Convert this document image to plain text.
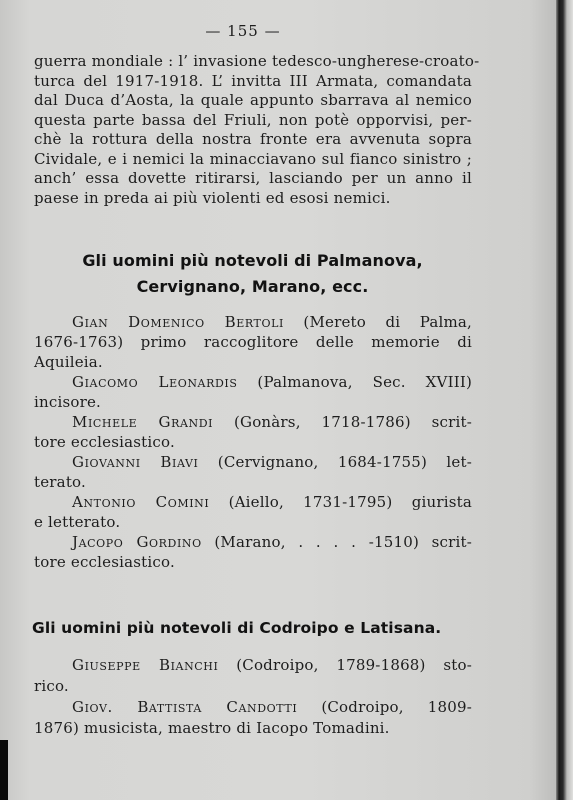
— 155 —
guerra mondiale : l’ invasione tedesco-ungherese-croato-
turca del 1917-1918. L’ invitta III Armata, comandata
dal Duca d’Aosta, la quale appunto sbarrava al nemico
questa parte bassa del Friuli, non potè opporvisi, per-
chè la rottura della nostra fronte era avvenuta sopra
Cividale, e i nemici la minacciavano sul fianco sinistro ;
anch’ essa dovette ritirarsi, lasciando per un anno il
paese in preda ai più violenti ed esosi nemici.
Gli uomini più notevoli di Palmanova,
Cervignano, Marano, ecc.
Gian Domenico Bertoli (Mereto di Palma,
1676-1763) primo raccoglitore delle memorie di
Aquileia.
Giacomo Leonardis (Palmanova, Sec. XVIII)
incisore.
Michele Grandi (Gonàrs, 1718-1786) scrit-
tore ecclesiastico.
Giovanni Biavi (Cervignano, 1684-1755) let-
terato.
Antonio Comini (Aiello, 1731-1795) giurista
e letterato.
Jacopo Gordino (Marano, . . . . -1510) scrit-
tore ecclesiastico.
Gli uomini più notevoli di Codroipo e Latisana.
Giuseppe Bianchi (Codroipo, 1789-1868) sto-
rico.
Giov. Battista Candotti (Codroipo, 1809-
1876) musicista, maestro di Iacopo Tomadini.
